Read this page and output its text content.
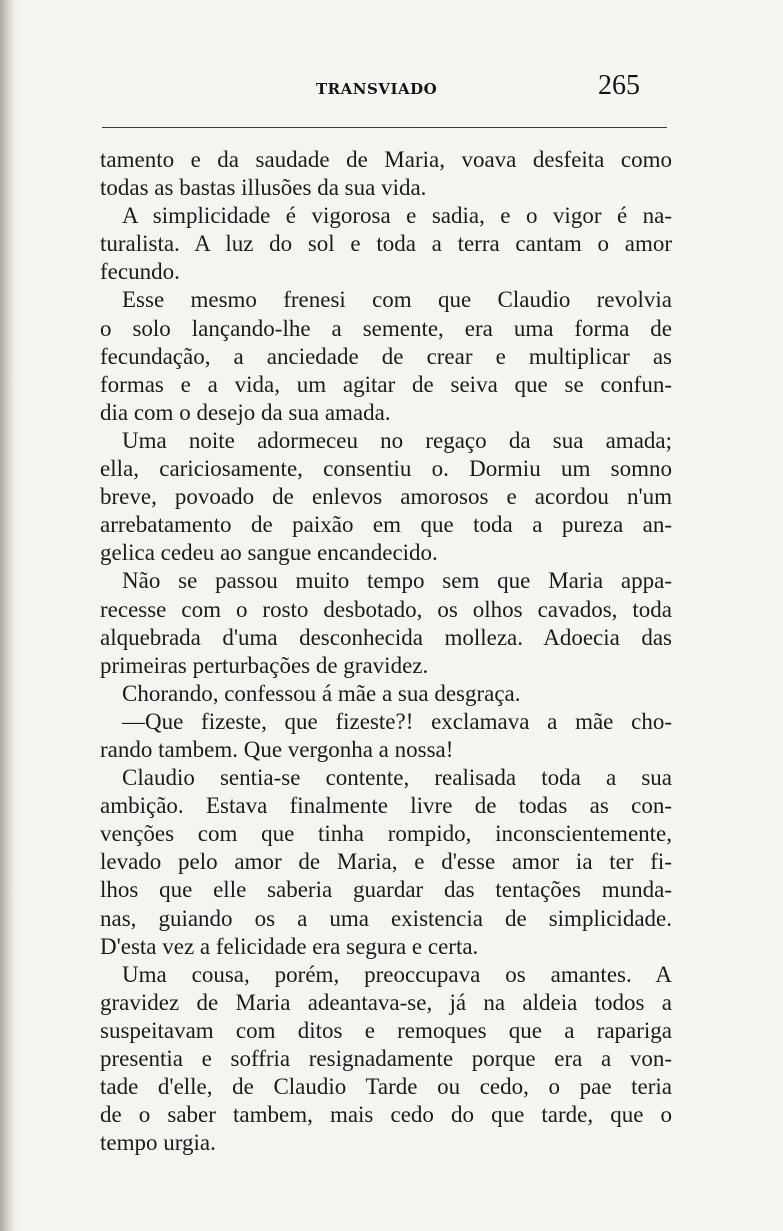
TRANSVIADO	265
tamento e da saudade de Maria, voava desfeita como
todas as bastas illusões da sua vida.
A simplicidade é vigorosa e sadia, e o vigor é na-
turalista. A luz do sol e toda a terra cantam o amor
fecundo.
Esse mesmo frenesi com que Claudio revolvia
o solo lançando-lhe a semente, era uma forma de
fecundação, a anciedade de crear e multiplicar as
formas e a vida, um agitar de seiva que se confun-
dia com o desejo da sua amada.
Uma noite adormeceu no regaço da sua amada;
ella, cariciosamente, consentiu o. Dormiu um somno
breve, povoado de enlevos amorosos e acordou n'um
arrebatamento de paixão em que toda a pureza an-
gelica cedeu ao sangue encandecido.
Não se passou muito tempo sem que Maria appa-
recesse com o rosto desbotado, os olhos cavados, toda
alquebrada d'uma desconhecida molleza. Adoecia das
primeiras perturbações de gravidez.
Chorando, confessou á mãe a sua desgraça.
—Que fizeste, que fizeste?! exclamava a mãe cho-
rando tambem. Que vergonha a nossa!
Claudio sentia-se contente, realisada toda a sua
ambição. Estava finalmente livre de todas as con-
venções com que tinha rompido, inconscientemente,
levado pelo amor de Maria, e d'esse amor ia ter fi-
lhos que elle saberia guardar das tentações munda-
nas, guiando os a uma existencia de simplicidade.
D'esta vez a felicidade era segura e certa.
Uma cousa, porém, preoccupava os amantes. A
gravidez de Maria adeantava-se, já na aldeia todos a
suspeitavam com ditos e remoques que a rapariga
presentia e soffria resignadamente porque era a von-
tade d'elle, de Claudio Tarde ou cedo, o pae teria
de o saber tambem, mais cedo do que tarde, que o
tempo urgia.
